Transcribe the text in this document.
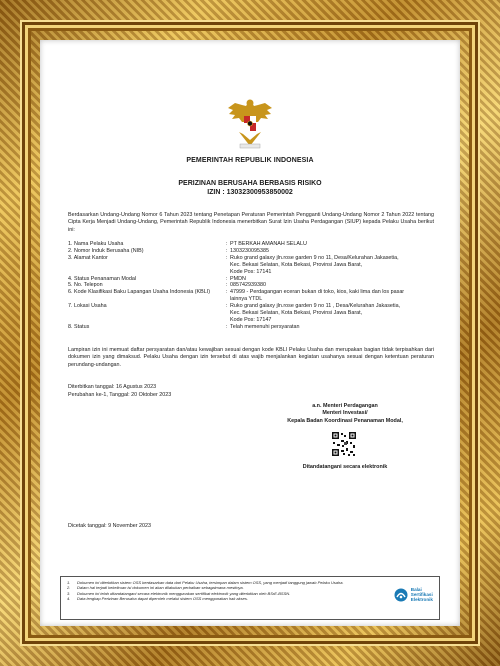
PEMERINTAH REPUBLIK INDONESIA
PERIZINAN BERUSAHA BERBASIS RISIKO
IZIN : 13032300953850002
Berdasarkan Undang-Undang Nomor 6 Tahun 2023 tentang Penetapan Peraturan Pemerintah Pengganti Undang-Undang Nomor 2 Tahun 2022 tentang Cipta Kerja Menjadi Undang-Undang, Pemerintah Republik Indonesia menerbitkan Surat Izin Usaha Perdagangan (SIUP) kepada Pelaku Usaha berikut ini:
1. Nama Pelaku Usaha	: PT BERKAH AMANAH SELALU
2. Nomor Induk Berusaha (NIB)	: 1303230095385
3. Alamat Kantor	: Ruko grand galaxy jln.rose garden 9 no 11, Desa/Kelurahan Jakasetia,
Kec. Bekasi Selatan, Kota Bekasi, Provinsi Jawa Barat,
Kode Pos: 17141
4. Status Penanaman Modal	: PMDN
5. No. Telepon	: 085742939380
6. Kode Klasifikasi Baku Lapangan Usaha Indonesia (KBLI)	: 47999 - Perdagangan eceran bukan di toko, kios, kaki lima dan los pasar
lainnya YTDL
7. Lokasi Usaha	: Ruko grand galaxy jln.rose garden 9 no 11 , Desa/Kelurahan Jakasetia,
Kec. Bekasi Selatan, Kota Bekasi, Provinsi Jawa Barat,
Kode Pos: 17147
8. Status	: Telah memenuhi persyaratan
Lampiran izin ini memuat daftar persyaratan dan/atau kewajiban sesuai dengan kode KBLI Pelaku Usaha dan merupakan bagian tidak terpisahkan dari dokumen izin yang dimaksud. Pelaku Usaha dengan izin tersebut di atas wajib menjalankan kegiatan usahanya sesuai dengan ketentuan peraturan perundang-undangan.
Diterbitkan tanggal: 16 Agustus 2023
Perubahan ke-1, Tanggal: 20 Oktober 2023
a.n. Menteri Perdagangan
Menteri Investasi/
Kepala Badan Koordinasi Penanaman Modal,
Ditandatangani secara elektronik
Dicetak tanggal: 9 November 2023
1.	Dokumen ini diterbitkan sistem OSS berdasarkan data dari Pelaku Usaha, tersimpan dalam sistem OSS, yang menjadi tanggung jawab Pelaku Usaha.
2.	Dalam hal terjadi kekeliruan isi dokumen ini akan dilakukan perbaikan sebagaimana mestinya.
3.	Dokumen ini telah ditandatangani secara elektronik menggunakan sertifikat elektronik yang diterbitkan oleh BSrE-BSSN.
4.	Data lengkap Perizinan Berusaha dapat diperoleh melalui sistem OSS menggunakan hak akses.
Balai
Sertifikasi
Elektronik
